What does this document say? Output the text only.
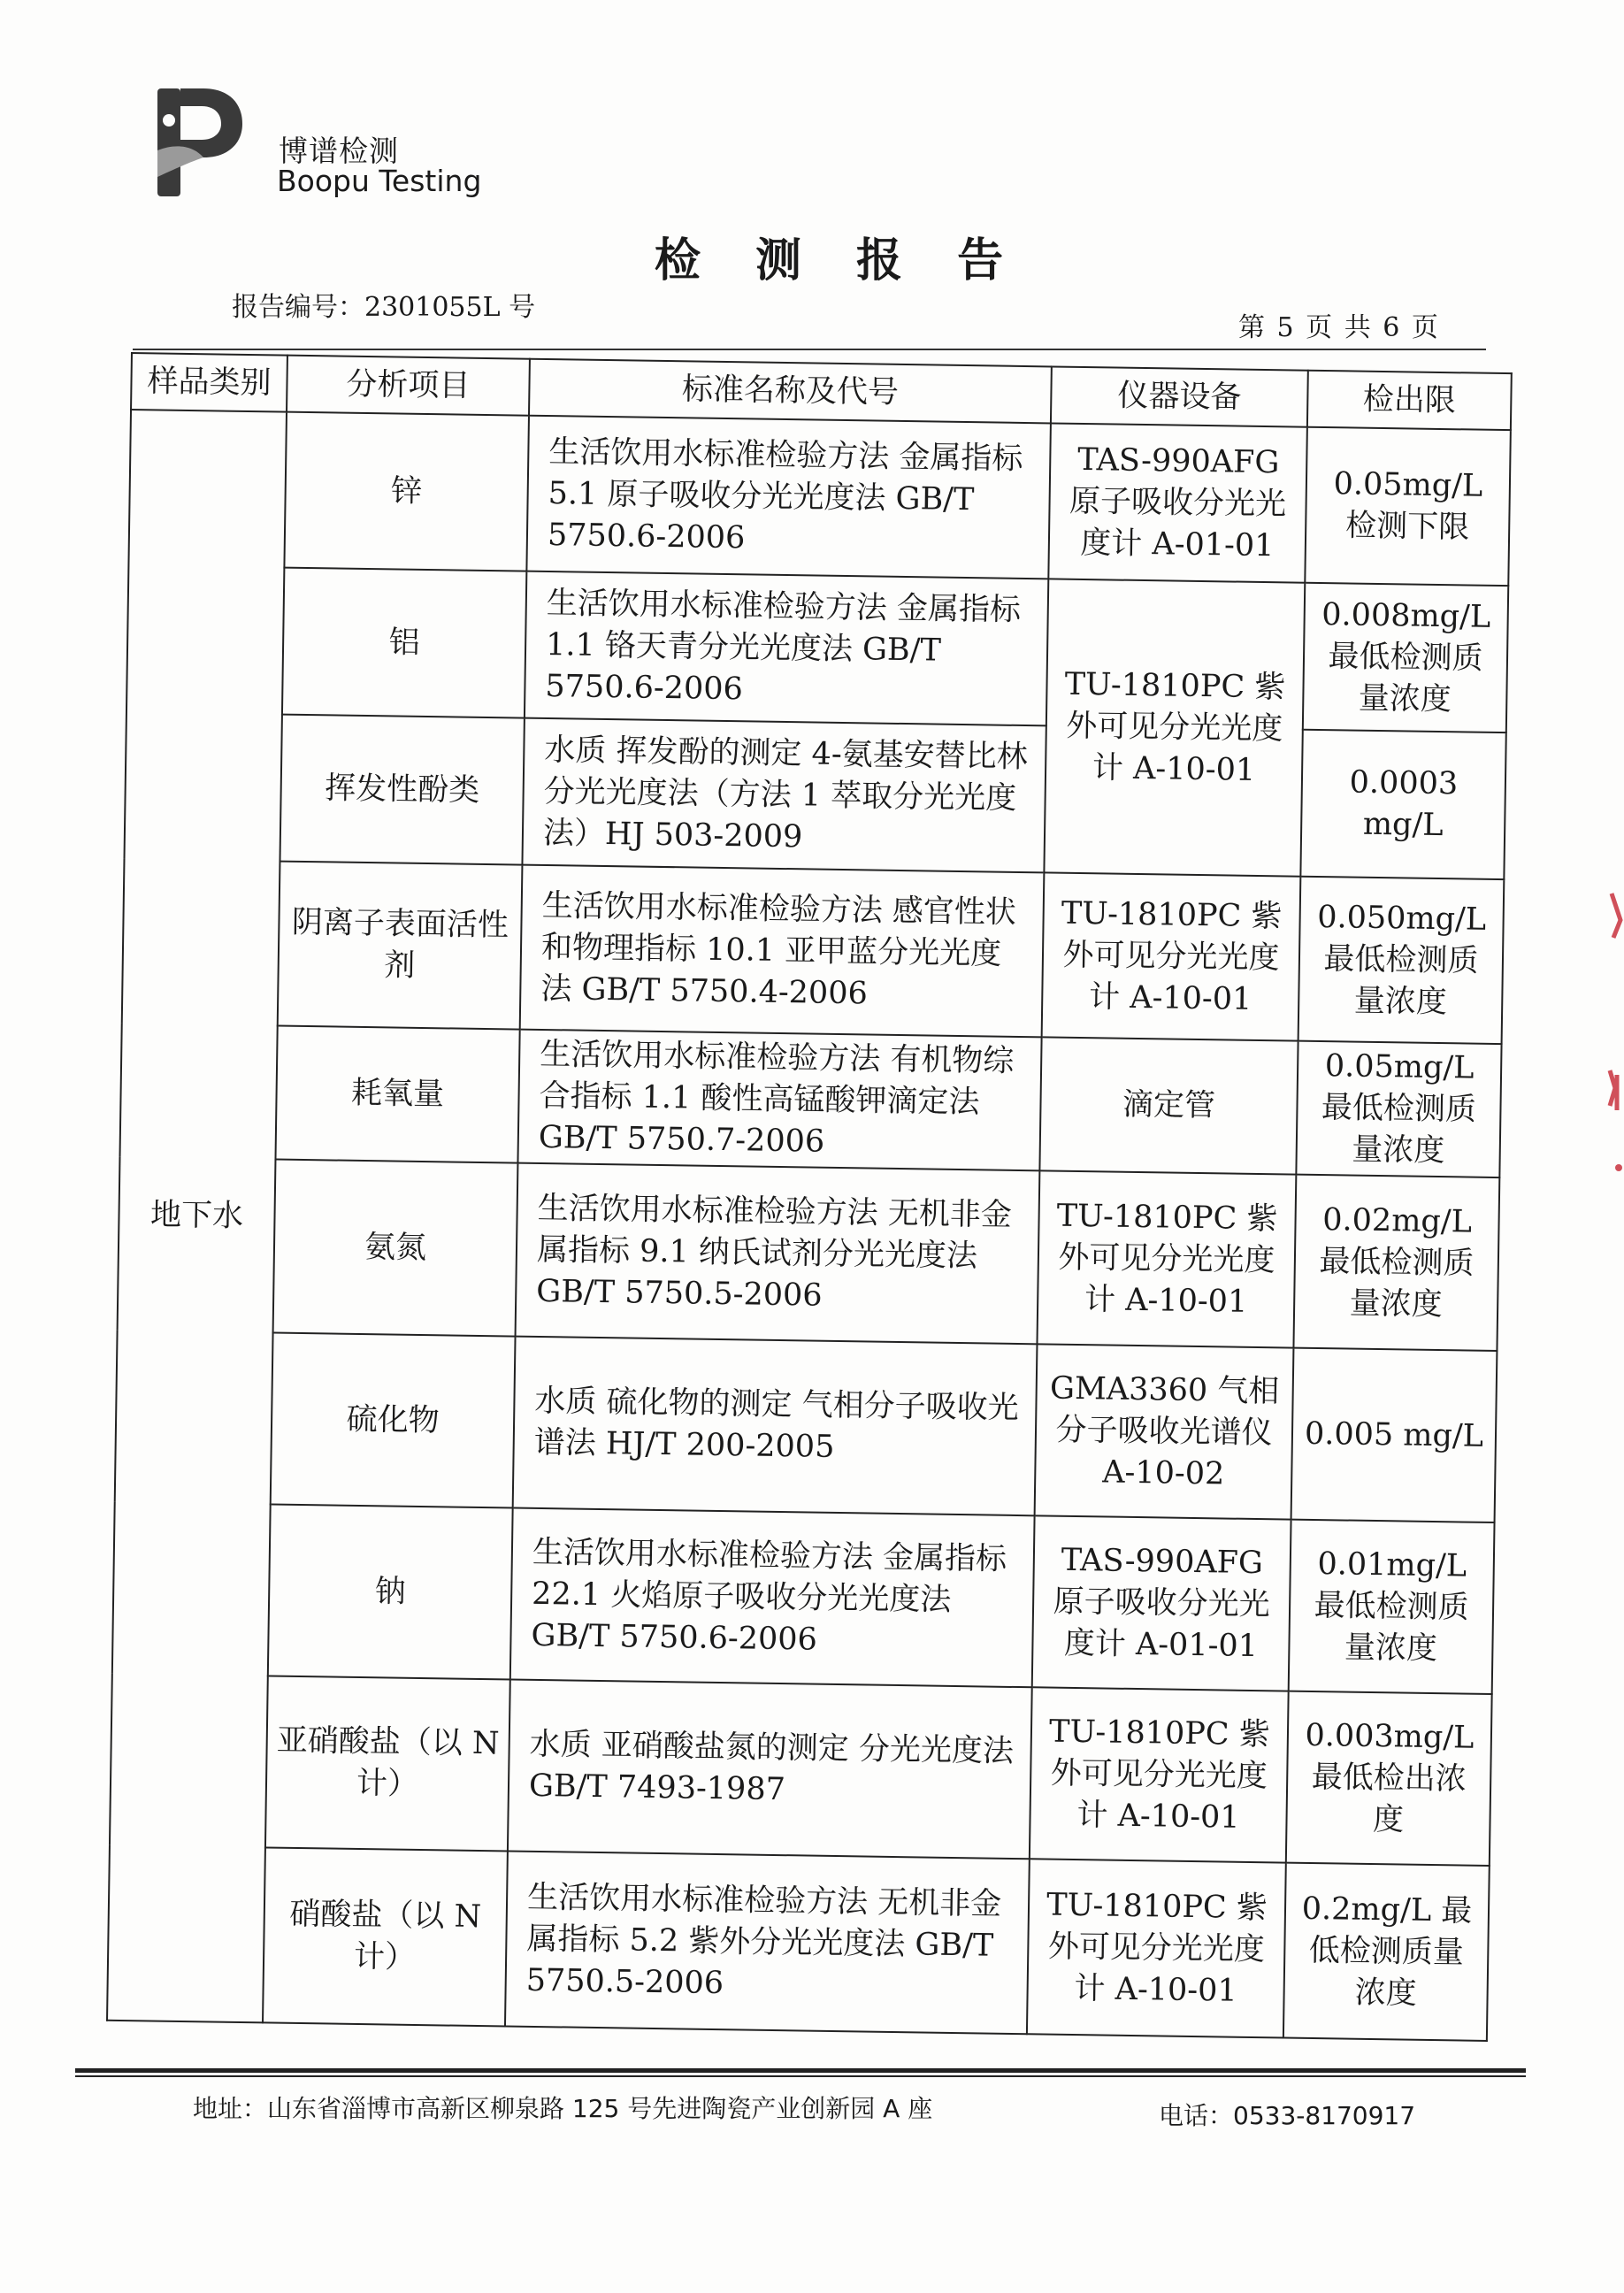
博谱检测
Boopu Testing
检 测 报 告
报告编号：2301055L 号
第 5 页 共 6 页
样品类别	分析项目	标准名称及代号	仪器设备	检出限
地下水	锌	生活饮用水标准检验方法 金属指标 5.1 原子吸收分光光度法 GB/T 5750.6-2006	TAS-990AFG 原子吸收分光光度计 A-01-01	0.05mg/L 检测下限
	铝	生活饮用水标准检验方法 金属指标 1.1 铬天青分光光度法 GB/T 5750.6-2006	TU-1810PC 紫外可见分光光度计 A-10-01	0.008mg/L 最低检测质量浓度
	挥发性酚类	水质 挥发酚的测定 4-氨基安替比林分光光度法（方法 1 萃取分光光度法）HJ 503-2009		0.0003 mg/L
	阴离子表面活性剂	生活饮用水标准检验方法 感官性状和物理指标 10.1 亚甲蓝分光光度法 GB/T 5750.4-2006	TU-1810PC 紫外可见分光光度计 A-10-01	0.050mg/L 最低检测质量浓度
	耗氧量	生活饮用水标准检验方法 有机物综合指标 1.1 酸性高锰酸钾滴定法 GB/T 5750.7-2006	滴定管	0.05mg/L 最低检测质量浓度
	氨氮	生活饮用水标准检验方法 无机非金属指标 9.1 纳氏试剂分光光度法 GB/T 5750.5-2006	TU-1810PC 紫外可见分光光度计 A-10-01	0.02mg/L 最低检测质量浓度
	硫化物	水质 硫化物的测定 气相分子吸收光谱法 HJ/T 200-2005	GMA3360 气相分子吸收光谱仪 A-10-02	0.005 mg/L
	钠	生活饮用水标准检验方法 金属指标 22.1 火焰原子吸收分光光度法 GB/T 5750.6-2006	TAS-990AFG 原子吸收分光光度计 A-01-01	0.01mg/L 最低检测质量浓度
	亚硝酸盐（以 N 计）	水质 亚硝酸盐氮的测定 分光光度法 GB/T 7493-1987	TU-1810PC 紫外可见分光光度计 A-10-01	0.003mg/L 最低检出浓度
	硝酸盐（以 N 计）	生活饮用水标准检验方法 无机非金属指标 5.2 紫外分光光度法 GB/T 5750.5-2006	TU-1810PC 紫外可见分光光度计 A-10-01	0.2mg/L 最低检测质量浓度
地址：山东省淄博市高新区柳泉路 125 号先进陶瓷产业创新园 A 座	电话：0533-8170917
